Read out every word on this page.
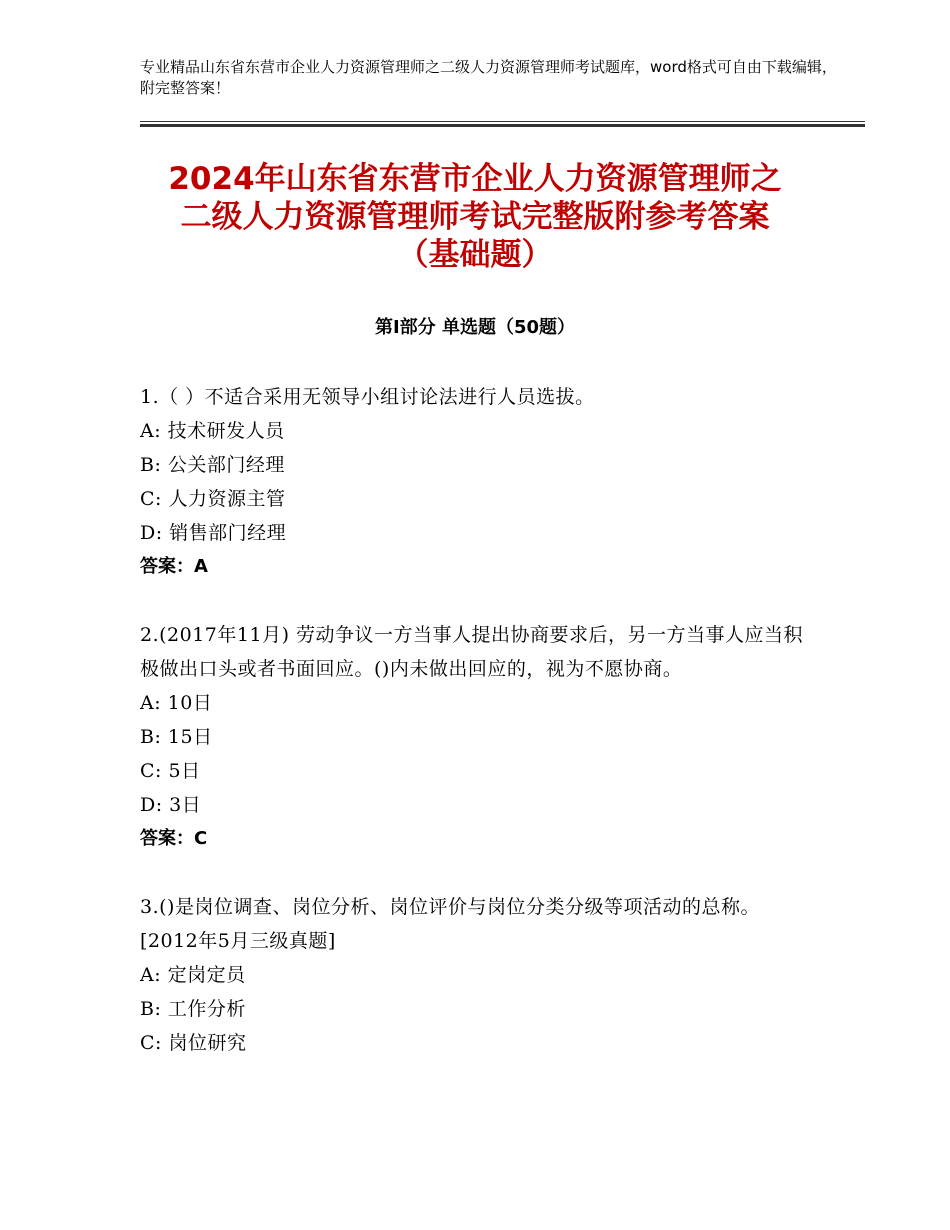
专业精品山东省东营市企业人力资源管理师之二级人力资源管理师考试题库，word格式可自由下载编辑，附完整答案！
2024年山东省东营市企业人力资源管理师之
二级人力资源管理师考试完整版附参考答案
（基础题）
第Ⅰ部分 单选题（50题）
1.（ ）不适合采用无领导小组讨论法进行人员选拔。
A: 技术研发人员
B: 公关部门经理
C: 人力资源主管
D: 销售部门经理
答案：A
2.(2017年11月) 劳动争议一方当事人提出协商要求后，另一方当事人应当积极做出口头或者书面回应。()内未做出回应的，视为不愿协商。
A: 10日
B: 15日
C: 5日
D: 3日
答案：C
3.()是岗位调查、岗位分析、岗位评价与岗位分类分级等项活动的总称。[2012年5月三级真题]
A: 定岗定员
B: 工作分析
C: 岗位研究
